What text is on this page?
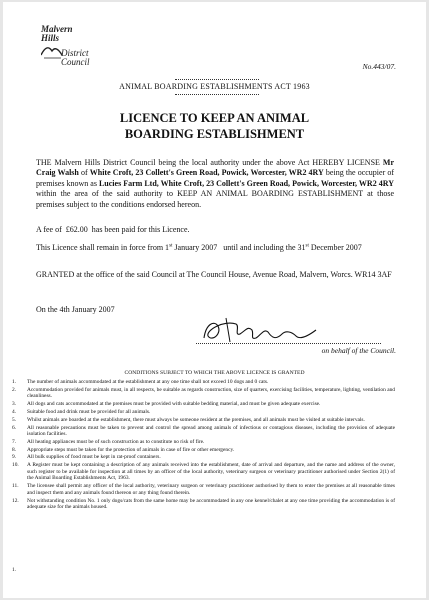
Malvern
Hills
District
Council	No.443/07.
ANIMAL BOARDING ESTABLISHMENTS ACT 1963
LICENCE TO KEEP AN ANIMAL
BOARDING ESTABLISHMENT
THE Malvern Hills District Council being the local authority under the above Act HEREBY LICENSE Mr Craig Walsh of White Croft, 23 Collett's Green Road, Powick, Worcester, WR2 4RY being the occupier of premises known as Lucies Farm Ltd, White Croft, 23 Collett's Green Road, Powick, Worcester, WR2 4RY within the area of the said authority to KEEP AN ANIMAL BOARDING ESTABLISHMENT at those premises subject to the conditions endorsed hereon.
A fee of £62.00 has been paid for this Licence.
This Licence shall remain in force from 1st January 2007 until and including the 31st December 2007
GRANTED at the office of the said Council at The Council House, Avenue Road, Malvern, Worcs. WR14 3AF
On the 4th January 2007
on behalf of the Council.
CONDITIONS SUBJECT TO WHICH THE ABOVE LICENCE IS GRANTED
1. The number of animals accommodated at the establishment at any one time shall not exceed 10 dogs and 0 cats.
2. Accommodation provided for animals must, in all respects, be suitable as regards construction, size of quarters, exercising facilities, temperature, lighting, ventilation and cleanliness.
3. All dogs and cats accommodated at the premises must be provided with suitable bedding material, and must be given adequate exercise.
4. Suitable food and drink must be provided for all animals.
5. Whilst animals are boarded at the establishment, there must always be someone resident at the premises, and all animals must be visited at suitable intervals.
6. All reasonable precautions must be taken to prevent and control the spread among animals of infectious or contagious diseases, including the provision of adequate isolation facilities.
7. All heating appliances must be of such construction as to constitute no risk of fire.
8. Appropriate steps must be taken for the protection of animals in case of fire or other emergency.
9. All bulk supplies of food must be kept in rat-proof containers.
10. A Register must be kept containing a description of any animals received into the establishment, date of arrival and departure, and the name and address of the owner, such register to be available for inspection at all times by an officer of the local authority, veterinary surgeon or veterinary practitioner authorised under Section 2(1) of the Animal Boarding Establishments Act, 1963.
11. The licensee shall permit any officer of the local authority, veterinary surgeon or veterinary practitioner authorised by them to enter the premises at all reasonable times and inspect them and any animals found thereon or any thing found therein.
12. Not withstanding condition No. 1 only dogs/cats from the same home may be accommodated in any one kennel/chalet at any one time providing the accommodation is of adequate size for the animals housed.
1.
